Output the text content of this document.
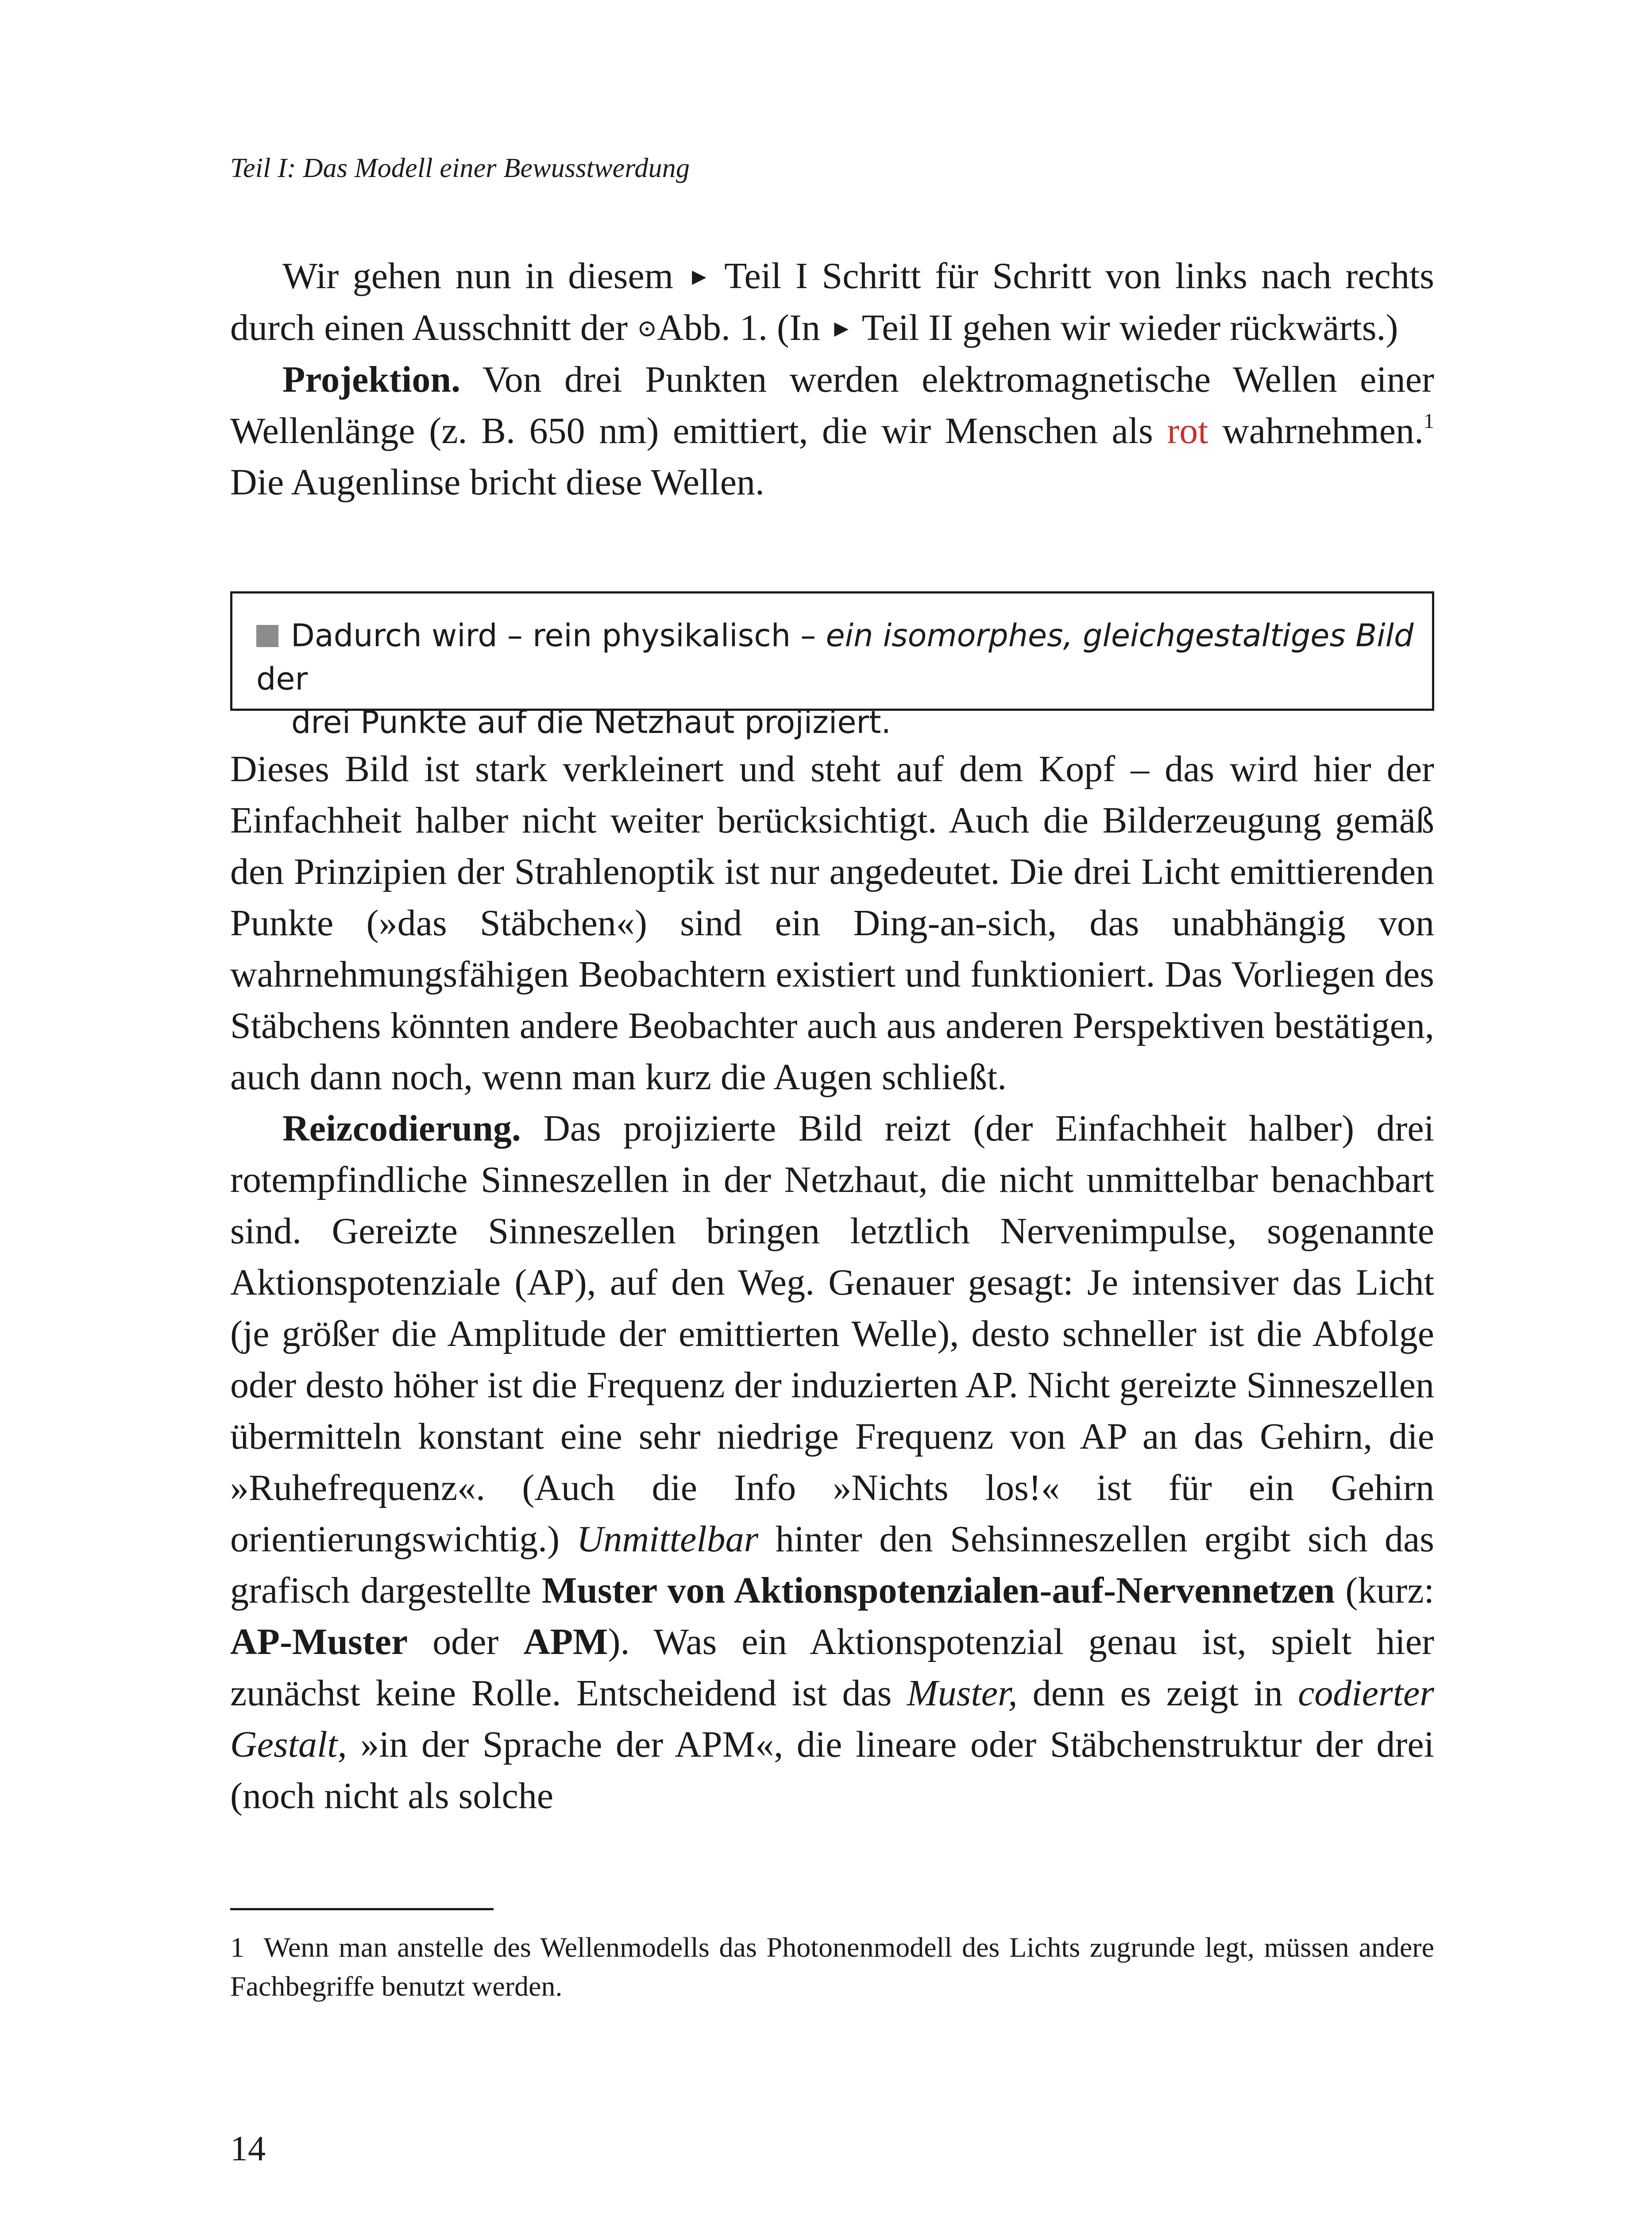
Teil I: Das Modell einer Bewusstwerdung

Wir gehen nun in diesem ► Teil I Schritt für Schritt von links nach rechts durch einen Ausschnitt der ⊙Abb. 1. (In ► Teil II gehen wir wieder rückwärts.)

Projektion. Von drei Punkten werden elektromagnetische Wellen einer Wellenlänge (z. B. 650 nm) emittiert, die wir Menschen als rot wahrnehmen.$^1$ Die Augenlinse bricht diese Wellen.

Dadurch wird – rein physikalisch – ein isomorphes, gleichgestaltiges Bild der
drei Punkte auf die Netzhaut projiziert.

Dieses Bild ist stark verkleinert und steht auf dem Kopf – das wird hier der Einfachheit halber nicht weiter berücksichtigt. Auch die Bilderzeugung gemäß den Prinzipien der Strahlenoptik ist nur angedeutet. Die drei Licht emittierenden Punkte (»das Stäbchen«) sind ein Ding-an-sich, das unabhängig von wahrnehmungsfähigen Beobachtern existiert und funktioniert. Das Vorliegen des Stäbchens könnten andere Beobachter auch aus anderen Perspektiven bestätigen, auch dann noch, wenn man kurz die Augen schließt.

Reizcodierung. Das projizierte Bild reizt (der Einfachheit halber) drei rotempfindliche Sinneszellen in der Netzhaut, die nicht unmittelbar benachbart sind. Gereizte Sinneszellen bringen letztlich Nervenimpulse, sogenannte Aktionspotenziale (AP), auf den Weg. Genauer gesagt: Je intensiver das Licht (je größer die Amplitude der emittierten Welle), desto schneller ist die Abfolge oder desto höher ist die Frequenz der induzierten AP. Nicht gereizte Sinneszellen übermitteln konstant eine sehr niedrige Frequenz von AP an das Gehirn, die »Ruhefrequenz«. (Auch die Info »Nichts los!« ist für ein Gehirn orientierungswichtig.) Unmittelbar hinter den Sehsinneszellen ergibt sich das grafisch dargestellte Muster von Aktionspotenzialen-auf-Nervennetzen (kurz: AP-Muster oder APM). Was ein Aktionspotenzial genau ist, spielt hier zunächst keine Rolle. Entscheidend ist das Muster, denn es zeigt in codierter Gestalt, »in der Sprache der APM«, die lineare oder Stäbchenstruktur der drei (noch nicht als solche

1 Wenn man anstelle des Wellenmodells das Photonenmodell des Lichts zugrunde legt, müssen andere Fachbegriffe benutzt werden.
14
